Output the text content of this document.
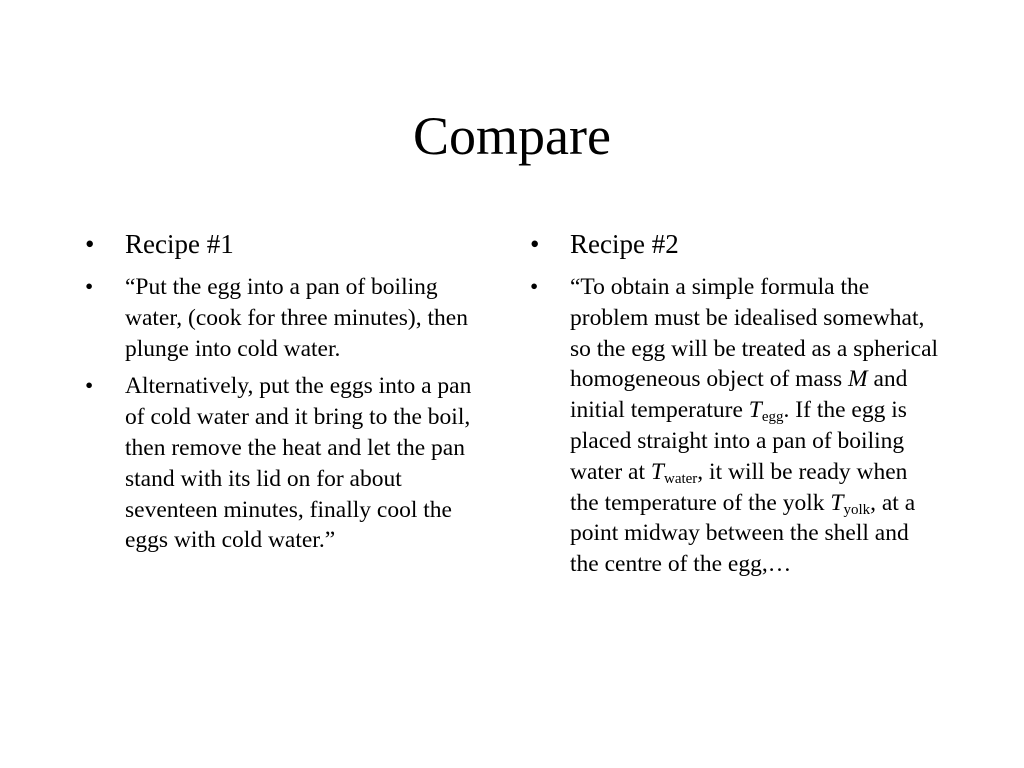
Compare
• Recipe #1
• “Put the egg into a pan of boiling water, (cook for three minutes), then plunge into cold water.
• Alternatively, put the eggs into a pan of cold water and it bring to the boil, then remove the heat and let the pan stand with its lid on for about seventeen minutes, finally cool the eggs with cold water.”
• Recipe #2
• “To obtain a simple formula the problem must be idealised somewhat, so the egg will be treated as a spherical homogeneous object of mass M and initial temperature $T_{egg}$. If the egg is placed straight into a pan of boiling water at $T_{water}$, it will be ready when the temperature of the yolk $T_{yolk}$, at a point midway between the shell and the centre of the egg,…
